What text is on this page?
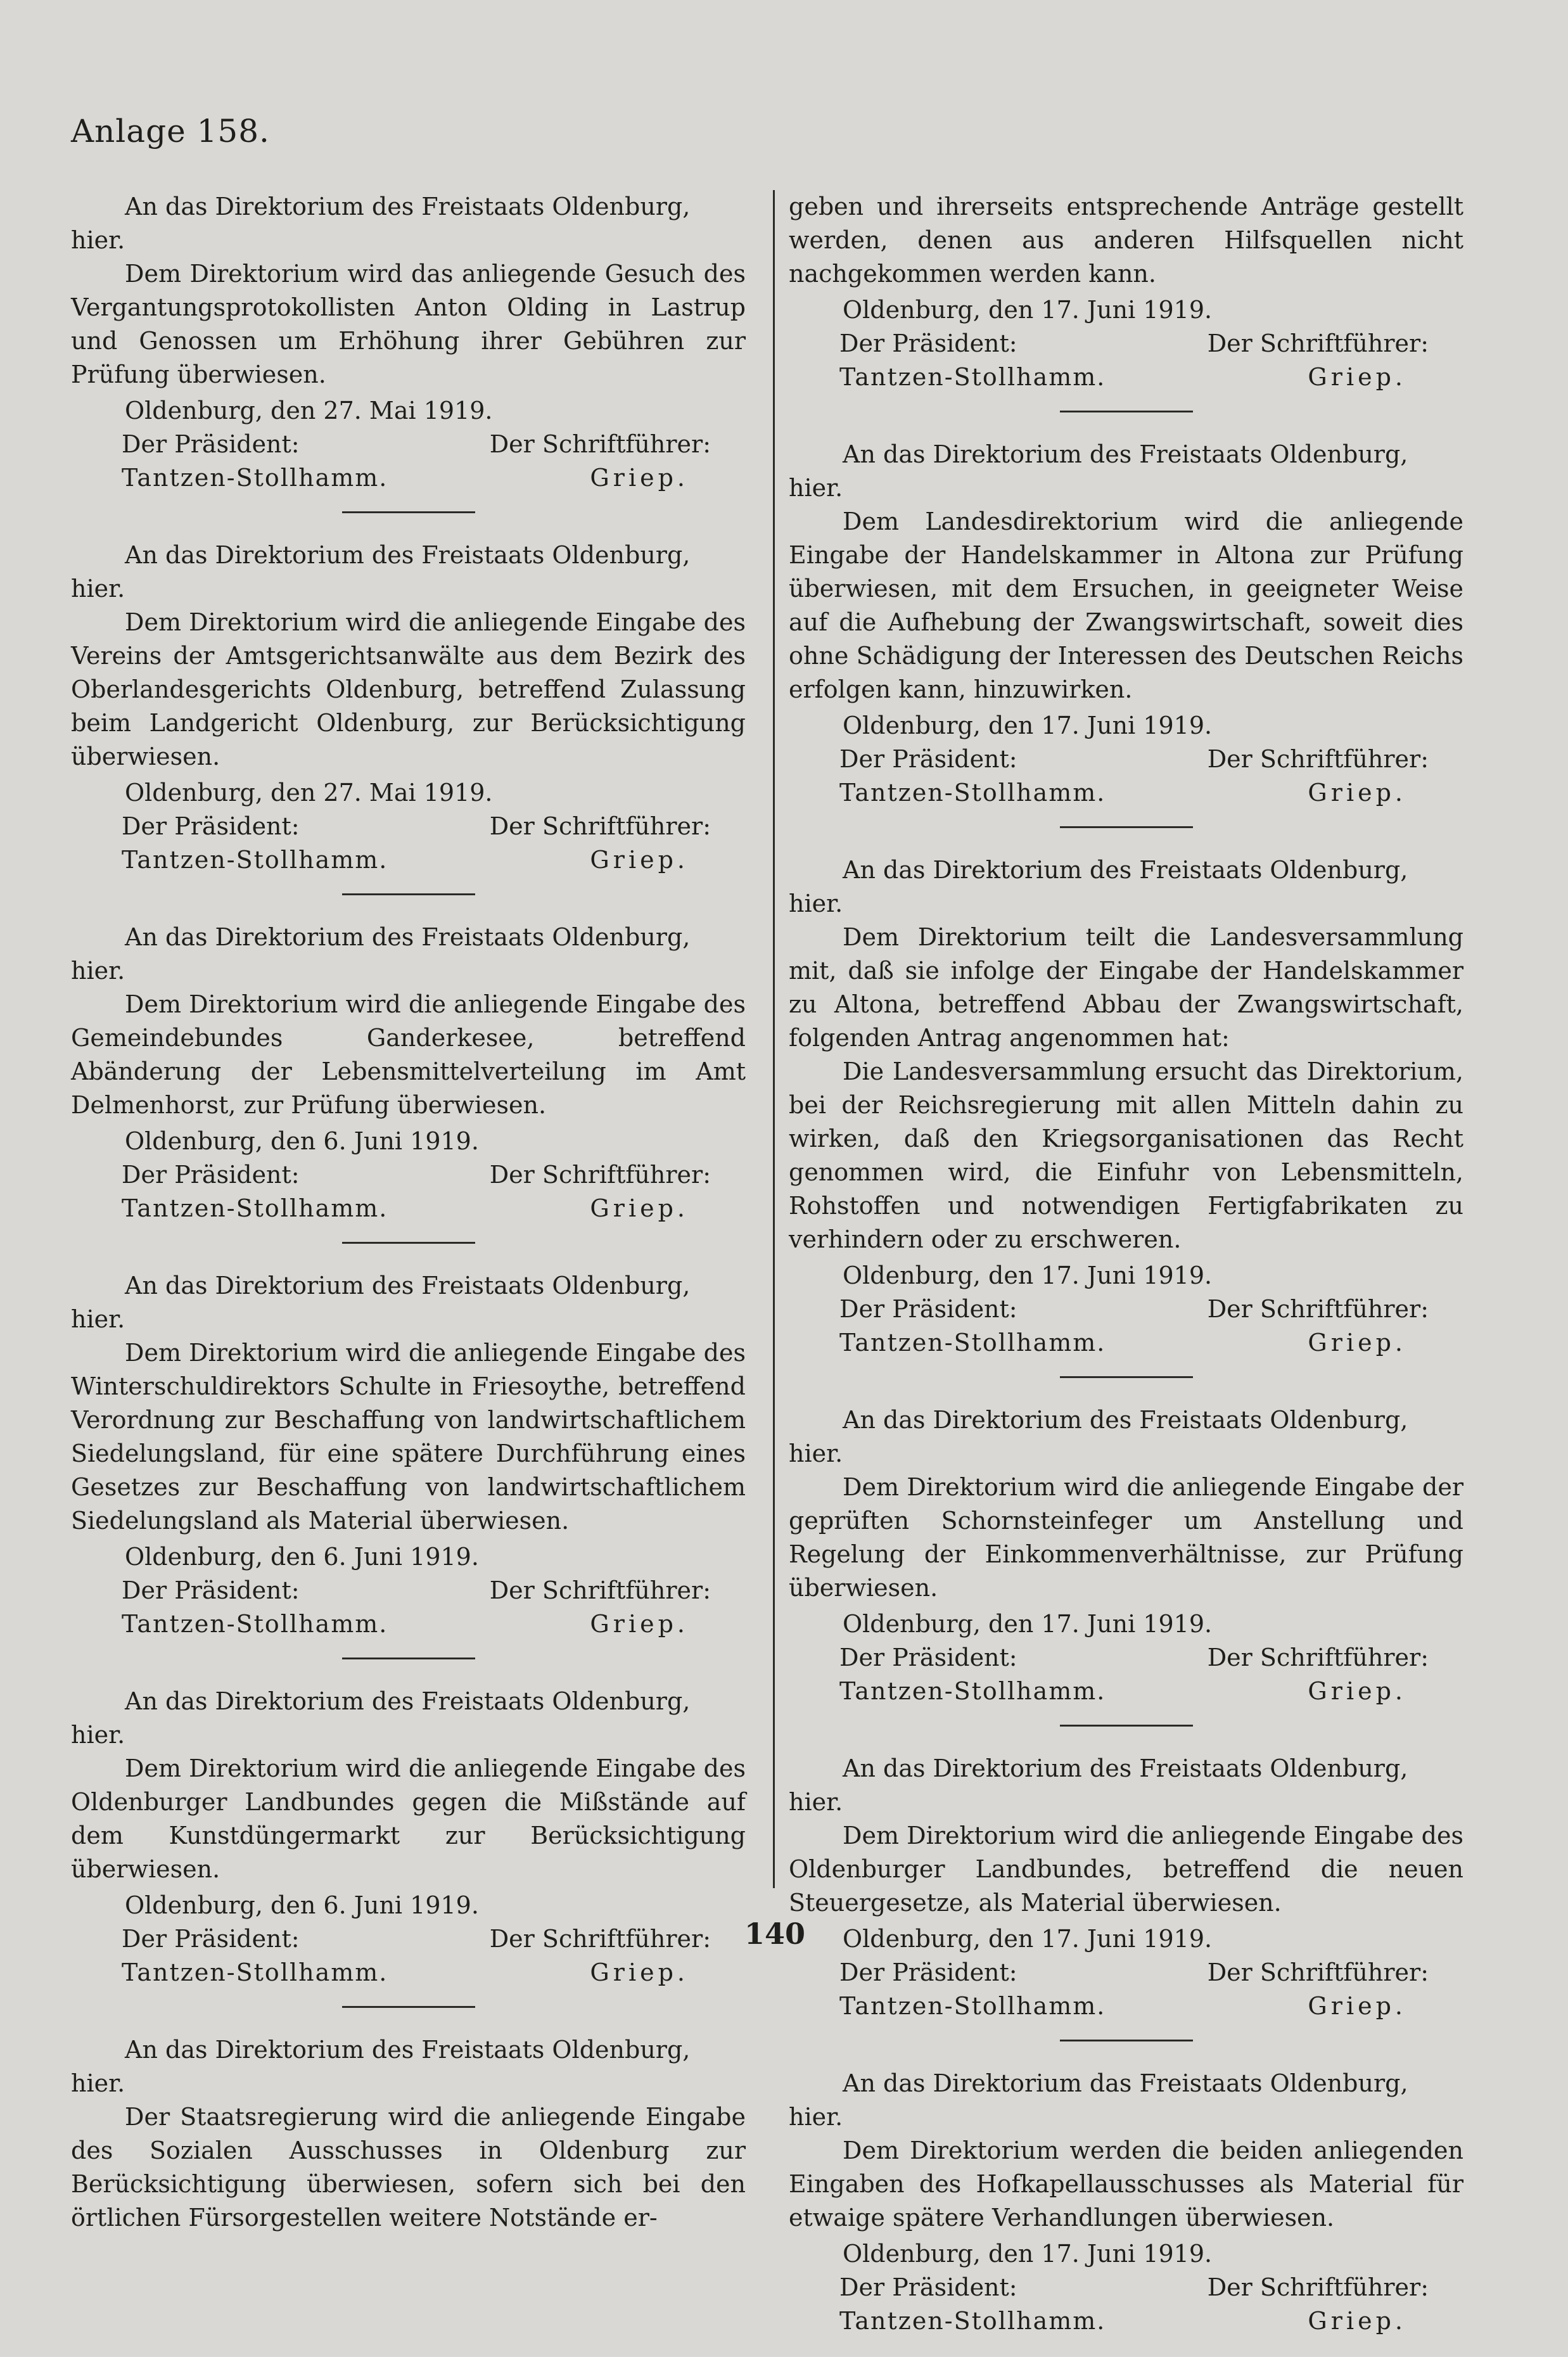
Anlage 158.

An das Direktorium des Freistaats Oldenburg, hier.

Dem Direktorium wird das anliegende Gesuch des Vergantungsprotokollisten Anton Olding in Lastrup und Genossen um Erhöhung ihrer Gebühren zur Prüfung überwiesen.

Oldenburg, den 27. Mai 1919.

Der Präsident:	Der Schriftführer:
Tantzen-Stollhamm.	Griep.

An das Direktorium des Freistaats Oldenburg, hier.

Dem Direktorium wird die anliegende Eingabe des Vereins der Amtsgerichtsanwälte aus dem Bezirk des Oberlandesgerichts Oldenburg, betreffend Zulassung beim Landgericht Oldenburg, zur Berücksichtigung überwiesen.

Oldenburg, den 27. Mai 1919.

Der Präsident:	Der Schriftführer:
Tantzen-Stollhamm.	Griep.

An das Direktorium des Freistaats Oldenburg, hier.

Dem Direktorium wird die anliegende Eingabe des Gemeindebundes Ganderkesee, betreffend Abänderung der Lebensmittelverteilung im Amt Delmenhorst, zur Prüfung überwiesen.

Oldenburg, den 6. Juni 1919.

Der Präsident:	Der Schriftführer:
Tantzen-Stollhamm.	Griep.

An das Direktorium des Freistaats Oldenburg, hier.

Dem Direktorium wird die anliegende Eingabe des Winterschuldirektors Schulte in Friesoythe, betreffend Verordnung zur Beschaffung von landwirtschaftlichem Siedelungsland, für eine spätere Durchführung eines Gesetzes zur Beschaffung von landwirtschaftlichem Siedelungsland als Material überwiesen.

Oldenburg, den 6. Juni 1919.

Der Präsident:	Der Schriftführer:
Tantzen-Stollhamm.	Griep.

An das Direktorium des Freistaats Oldenburg, hier.

Dem Direktorium wird die anliegende Eingabe des Oldenburger Landbundes gegen die Mißstände auf dem Kunstdüngermarkt zur Berücksichtigung überwiesen.

Oldenburg, den 6. Juni 1919.

Der Präsident:	Der Schriftführer:
Tantzen-Stollhamm.	Griep.

An das Direktorium des Freistaats Oldenburg, hier.

Der Staatsregierung wird die anliegende Eingabe des Sozialen Ausschusses in Oldenburg zur Berücksichtigung überwiesen, sofern sich bei den örtlichen Fürsorgestellen weitere Notstände er-

geben und ihrerseits entsprechende Anträge gestellt werden, denen aus anderen Hilfsquellen nicht nachgekommen werden kann.

Oldenburg, den 17. Juni 1919.

Der Präsident:	Der Schriftführer:
Tantzen-Stollhamm.	Griep.

An das Direktorium des Freistaats Oldenburg, hier.

Dem Landesdirektorium wird die anliegende Eingabe der Handelskammer in Altona zur Prüfung überwiesen, mit dem Ersuchen, in geeigneter Weise auf die Aufhebung der Zwangswirtschaft, soweit dies ohne Schädigung der Interessen des Deutschen Reichs erfolgen kann, hinzuwirken.

Oldenburg, den 17. Juni 1919.

Der Präsident:	Der Schriftführer:
Tantzen-Stollhamm.	Griep.

An das Direktorium des Freistaats Oldenburg, hier.

Dem Direktorium teilt die Landesversammlung mit, daß sie infolge der Eingabe der Handelskammer zu Altona, betreffend Abbau der Zwangswirtschaft, folgenden Antrag angenommen hat:

Die Landesversammlung ersucht das Direktorium, bei der Reichsregierung mit allen Mitteln dahin zu wirken, daß den Kriegsorganisationen das Recht genommen wird, die Einfuhr von Lebensmitteln, Rohstoffen und notwendigen Fertigfabrikaten zu verhindern oder zu erschweren.

Oldenburg, den 17. Juni 1919.

Der Präsident:	Der Schriftführer:
Tantzen-Stollhamm.	Griep.

An das Direktorium des Freistaats Oldenburg, hier.

Dem Direktorium wird die anliegende Eingabe der geprüften Schornsteinfeger um Anstellung und Regelung der Einkommenverhältnisse, zur Prüfung überwiesen.

Oldenburg, den 17. Juni 1919.

Der Präsident:	Der Schriftführer:
Tantzen-Stollhamm.	Griep.

An das Direktorium des Freistaats Oldenburg, hier.

Dem Direktorium wird die anliegende Eingabe des Oldenburger Landbundes, betreffend die neuen Steuergesetze, als Material überwiesen.

Oldenburg, den 17. Juni 1919.

Der Präsident:	Der Schriftführer:
Tantzen-Stollhamm.	Griep.

An das Direktorium das Freistaats Oldenburg, hier.

Dem Direktorium werden die beiden anliegenden Eingaben des Hofkapellausschusses als Material für etwaige spätere Verhandlungen überwiesen.

Oldenburg, den 17. Juni 1919.

Der Präsident:	Der Schriftführer:
Tantzen-Stollhamm.	Griep.
140
